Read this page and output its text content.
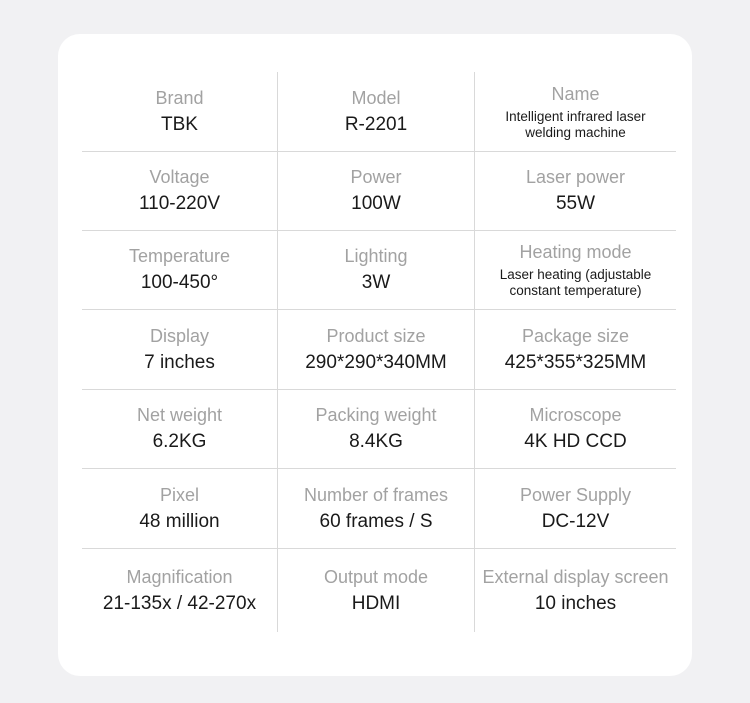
Brand
TBK
Model
R-2201
Name
Intelligent infrared laser welding machine
Voltage
110-220V
Power
100W
Laser power
55W
Temperature
100-450°
Lighting
3W
Heating mode
Laser heating (adjustable constant temperature)
Display
7 inches
Product size
290*290*340MM
Package size
425*355*325MM
Net weight
6.2KG
Packing weight
8.4KG
Microscope
4K HD CCD
Pixel
48 million
Number of frames
60 frames / S
Power Supply
DC-12V
Magnification
21-135x / 42-270x
Output mode
HDMI
External display screen
10 inches
